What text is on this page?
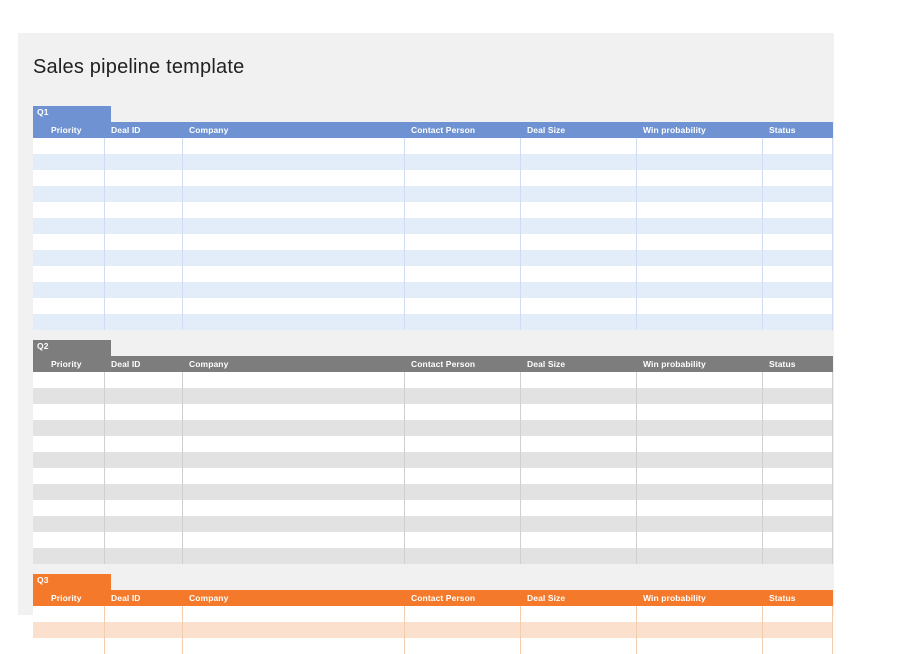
Sales pipeline template
Q1
Priority	Deal ID	Company	Contact Person	Deal Size	Win probability	Status
Q2
Priority	Deal ID	Company	Contact Person	Deal Size	Win probability	Status
Q3
Priority	Deal ID	Company	Contact Person	Deal Size	Win probability	Status
